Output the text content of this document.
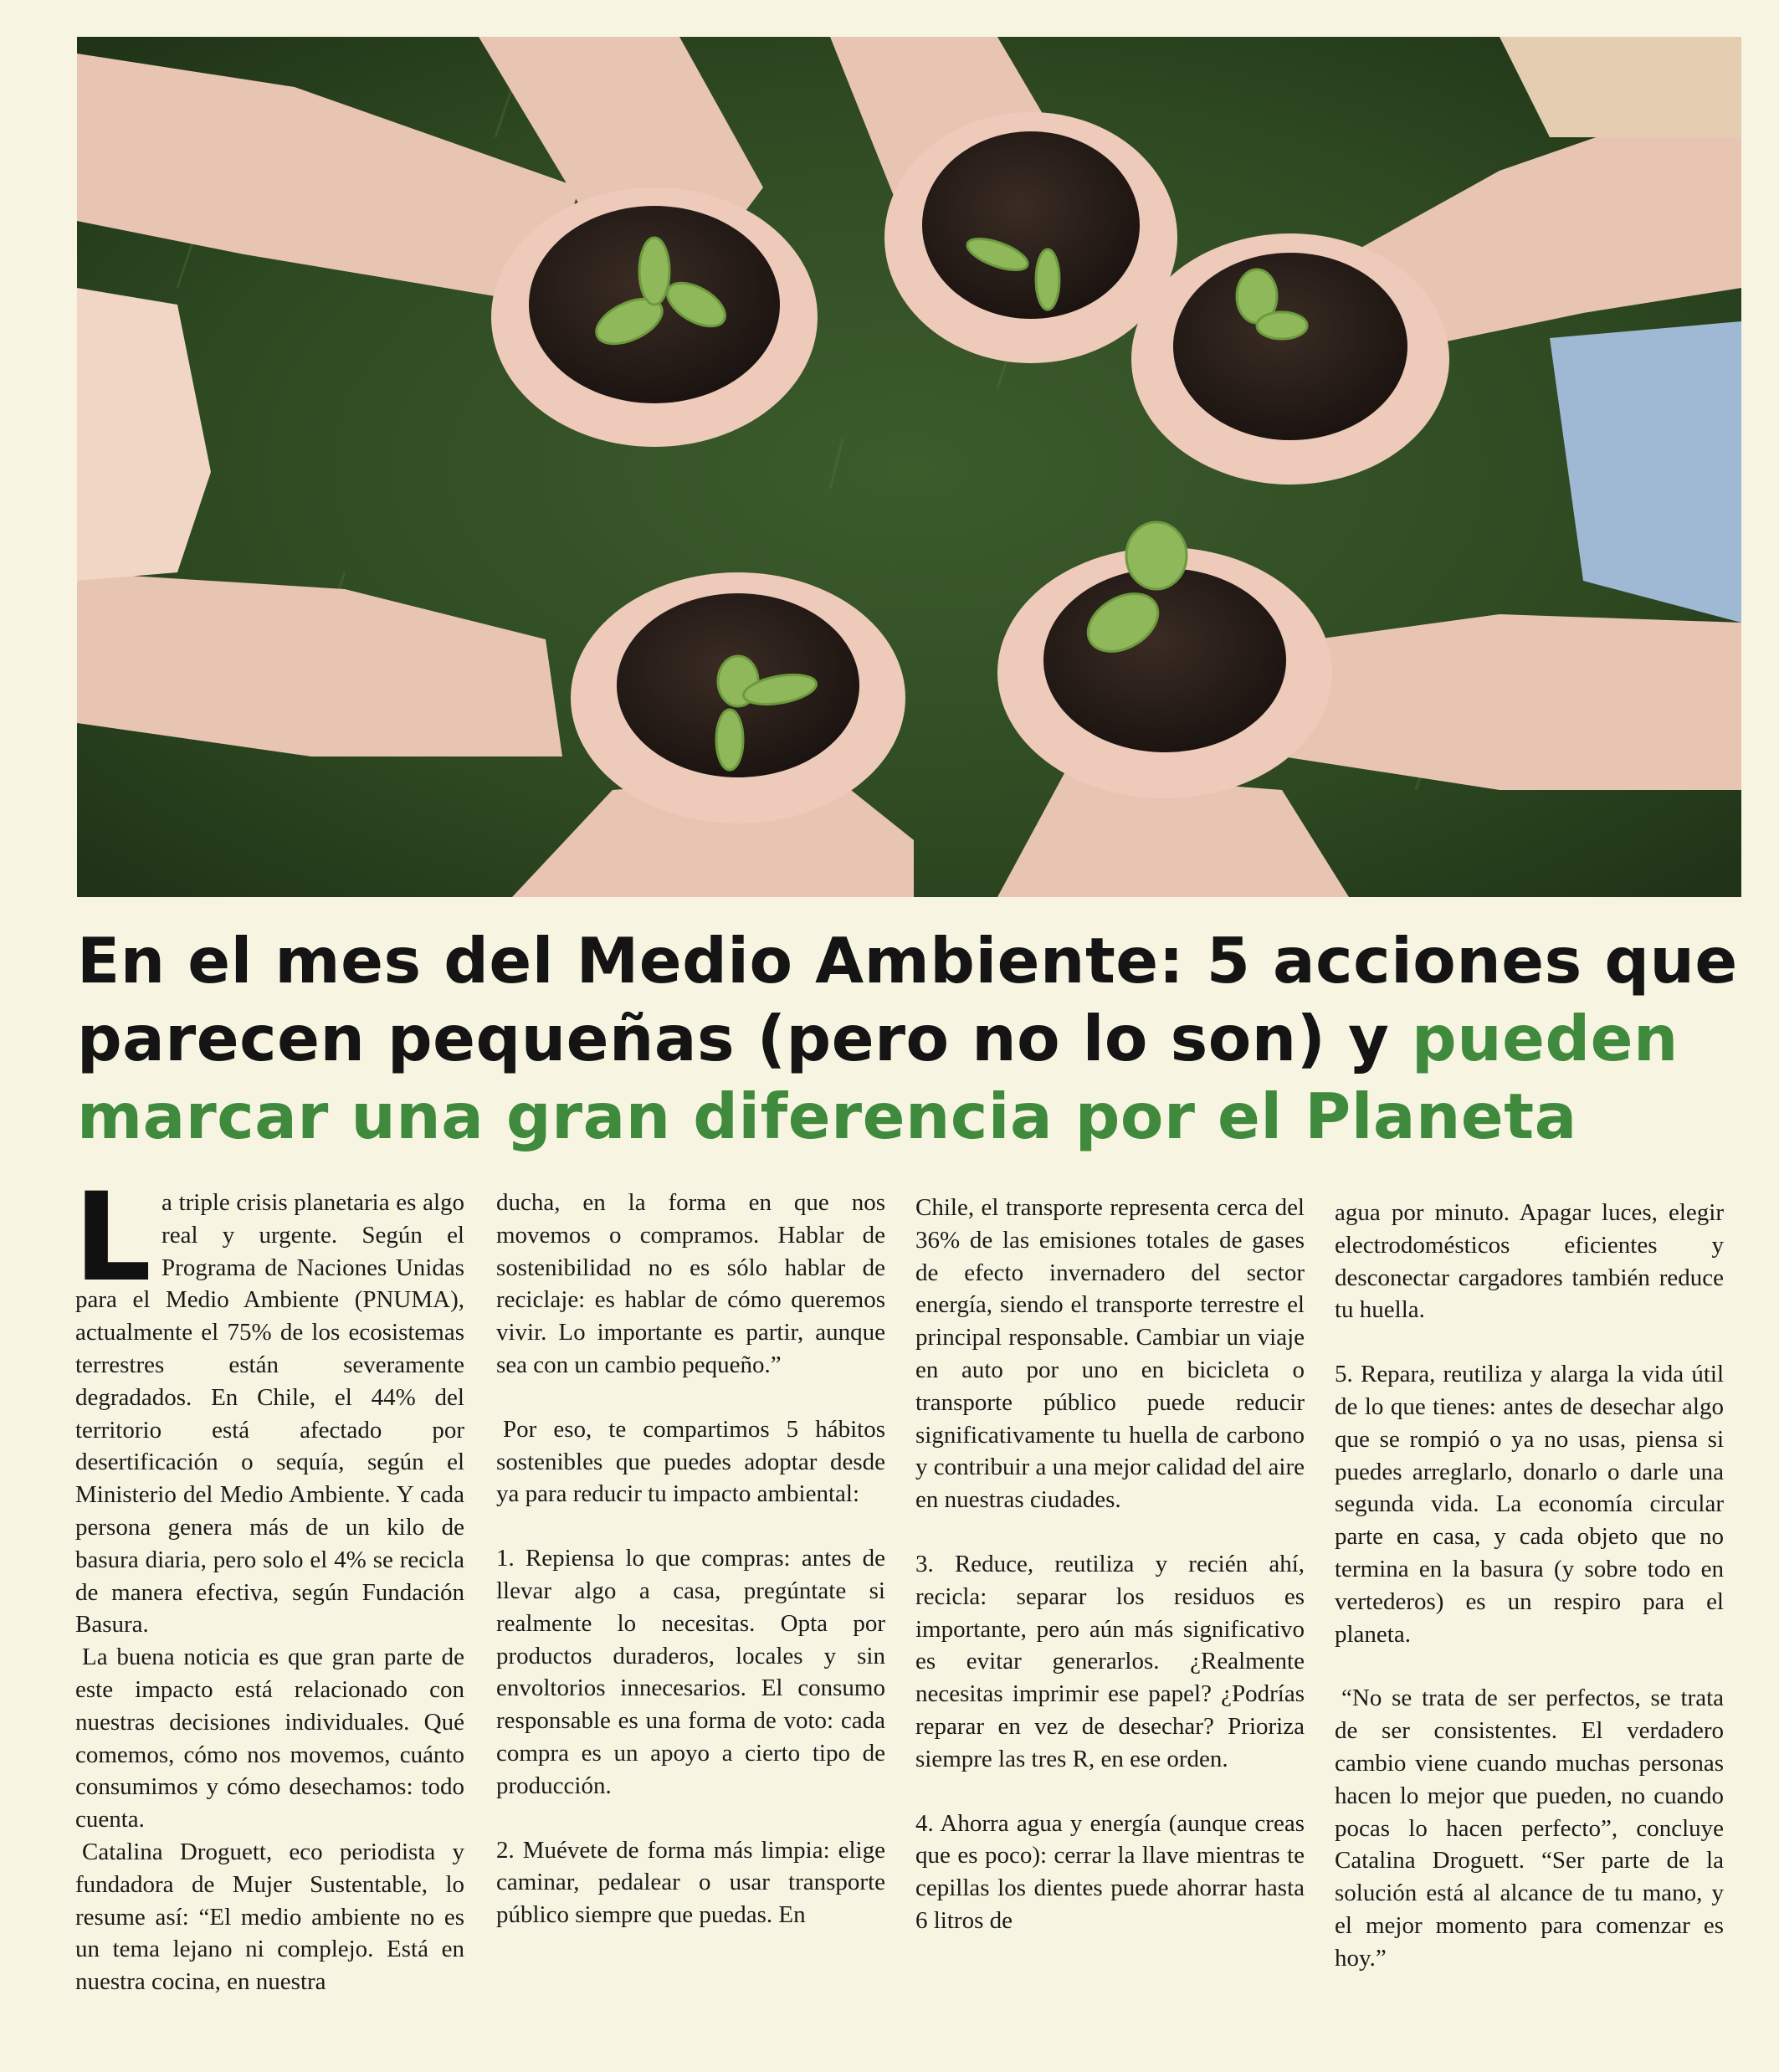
En el mes del Medio Ambiente: 5 acciones que parecen pequeñas (pero no lo son) y pueden marcar una gran diferencia por el Planeta

La triple crisis planetaria es algo real y urgente. Según el Programa de Naciones Unidas para el Medio Ambiente (PNUMA), actualmente el 75% de los ecosistemas terrestres están severamente degradados. En Chile, el 44% del territorio está afectado por desertificación o sequía, según el Ministerio del Medio Ambiente. Y cada persona genera más de un kilo de basura diaria, pero solo el 4% se recicla de manera efectiva, según Fundación Basura.

La buena noticia es que gran parte de este impacto está relacionado con nuestras decisiones individuales. Qué comemos, cómo nos movemos, cuánto consumimos y cómo desechamos: todo cuenta.

Catalina Droguett, eco periodista y fundadora de Mujer Sustentable, lo resume así: “El medio ambiente no es un tema lejano ni complejo. Está en nuestra cocina, en nuestra

ducha, en la forma en que nos movemos o compramos. Hablar de sostenibilidad no es sólo hablar de reciclaje: es hablar de cómo queremos vivir. Lo importante es partir, aunque sea con un cambio pequeño.”

Por eso, te compartimos 5 hábitos sostenibles que puedes adoptar desde ya para reducir tu impacto ambiental:

1. Repiensa lo que compras: antes de llevar algo a casa, pregúntate si realmente lo necesitas. Opta por productos duraderos, locales y sin envoltorios innecesarios. El consumo responsable es una forma de voto: cada compra es un apoyo a cierto tipo de producción.

2. Muévete de forma más limpia: elige caminar, pedalear o usar transporte público siempre que puedas. En

Chile, el transporte representa cerca del 36% de las emisiones totales de gases de efecto invernadero del sector energía, siendo el transporte terrestre el principal responsable. Cambiar un viaje en auto por uno en bicicleta o transporte público puede reducir significativamente tu huella de carbono y contribuir a una mejor calidad del aire en nuestras ciudades.

3. Reduce, reutiliza y recién ahí, recicla: separar los residuos es importante, pero aún más significativo es evitar generarlos. ¿Realmente necesitas imprimir ese papel? ¿Podrías reparar en vez de desechar? Prioriza siempre las tres R, en ese orden.

4. Ahorra agua y energía (aunque creas que es poco): cerrar la llave mientras te cepillas los dientes puede ahorrar hasta 6 litros de

agua por minuto. Apagar luces, elegir electrodomésticos eficientes y desconectar cargadores también reduce tu huella.

5. Repara, reutiliza y alarga la vida útil de lo que tienes: antes de desechar algo que se rompió o ya no usas, piensa si puedes arreglarlo, donarlo o darle una segunda vida. La economía circular parte en casa, y cada objeto que no termina en la basura (y sobre todo en vertederos) es un respiro para el planeta.

“No se trata de ser perfectos, se trata de ser consistentes. El verdadero cambio viene cuando muchas personas hacen lo mejor que pueden, no cuando pocas lo hacen perfecto”, concluye Catalina Droguett. “Ser parte de la solución está al alcance de tu mano, y el mejor momento para comenzar es hoy.”
